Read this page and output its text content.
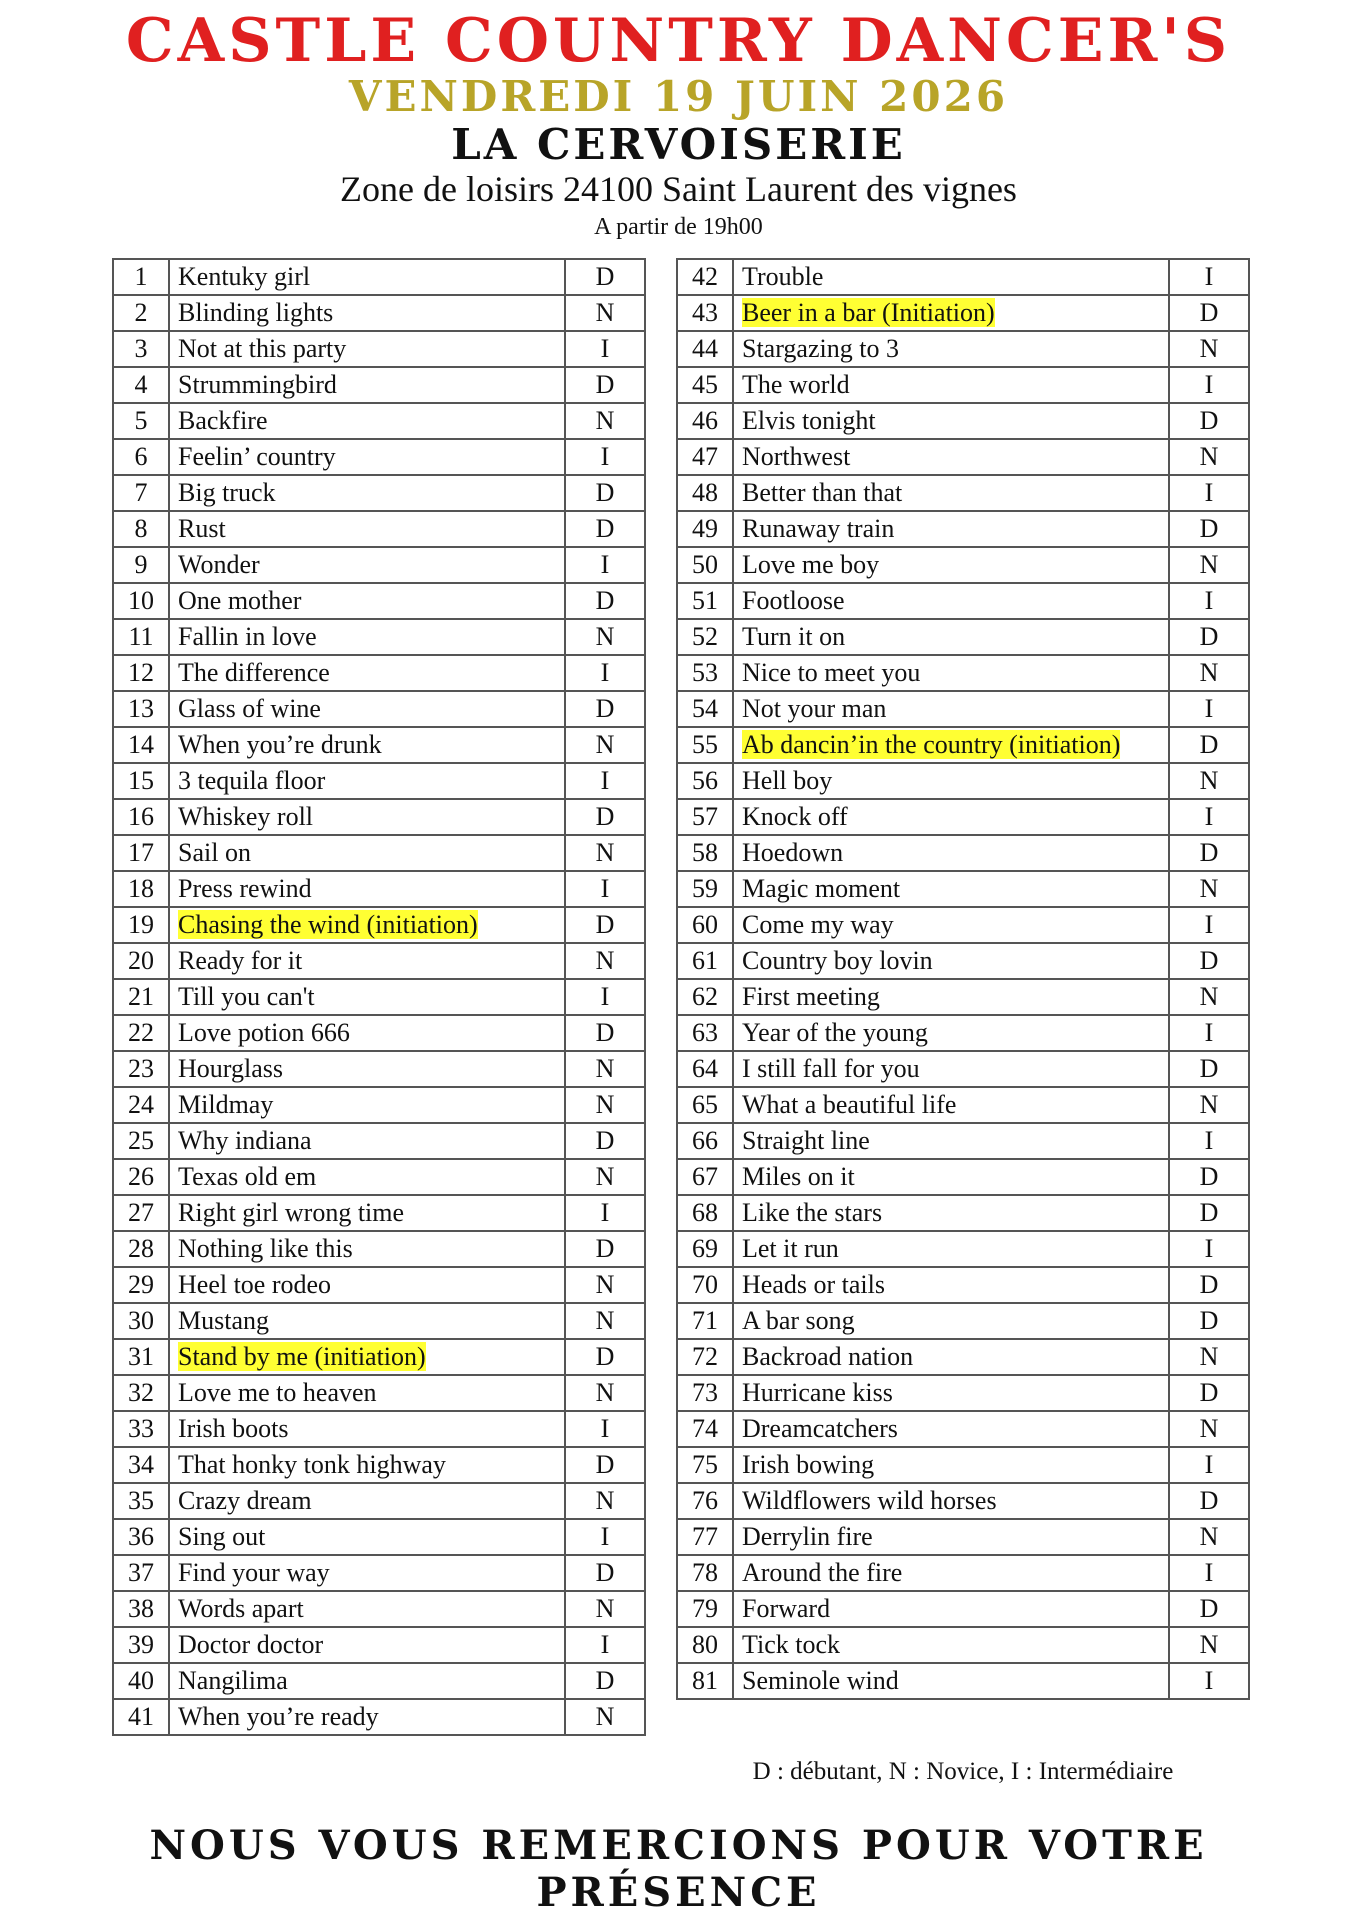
CASTLE COUNTRY DANCER'S
VENDREDI 19 JUIN 2026
LA CERVOISERIE
Zone de loisirs 24100 Saint Laurent des vignes
A partir de 19h00
1	Kentuky girl	D
2	Blinding lights	N
3	Not at this party	I
4	Strummingbird	D
5	Backfire	N
6	Feelin’ country	I
7	Big truck	D
8	Rust	D
9	Wonder	I
10	One mother	D
11	Fallin in love	N
12	The difference	I
13	Glass of wine	D
14	When you’re drunk	N
15	3 tequila floor	I
16	Whiskey roll	D
17	Sail on	N
18	Press rewind	I
19	Chasing the wind (initiation)	D
20	Ready for it	N
21	Till you can't	I
22	Love potion 666	D
23	Hourglass	N
24	Mildmay	N
25	Why indiana	D
26	Texas old em	N
27	Right girl wrong time	I
28	Nothing like this	D
29	Heel toe rodeo	N
30	Mustang	N
31	Stand by me (initiation)	D
32	Love me to heaven	N
33	Irish boots	I
34	That honky tonk highway	D
35	Crazy dream	N
36	Sing out	I
37	Find your way	D
38	Words apart	N
39	Doctor doctor	I
40	Nangilima	D
41	When you’re ready	N
42	Trouble	I
43	Beer in a bar (Initiation)	D
44	Stargazing to 3	N
45	The world	I
46	Elvis tonight	D
47	Northwest	N
48	Better than that	I
49	Runaway train	D
50	Love me boy	N
51	Footloose	I
52	Turn it on	D
53	Nice to meet you	N
54	Not your man	I
55	Ab dancin’in the country (initiation)	D
56	Hell boy	N
57	Knock off	I
58	Hoedown	D
59	Magic moment	N
60	Come my way	I
61	Country boy lovin	D
62	First meeting	N
63	Year of the young	I
64	I still fall for you	D
65	What a beautiful life	N
66	Straight line	I
67	Miles on it	D
68	Like the stars	D
69	Let it run	I
70	Heads or tails	D
71	A bar song	D
72	Backroad nation	N
73	Hurricane kiss	D
74	Dreamcatchers	N
75	Irish bowing	I
76	Wildflowers wild horses	D
77	Derrylin fire	N
78	Around the fire	I
79	Forward	D
80	Tick tock	N
81	Seminole wind	I
D : débutant, N : Novice, I : Intermédiaire
NOUS VOUS REMERCIONS POUR VOTRE PRÉSENCE
